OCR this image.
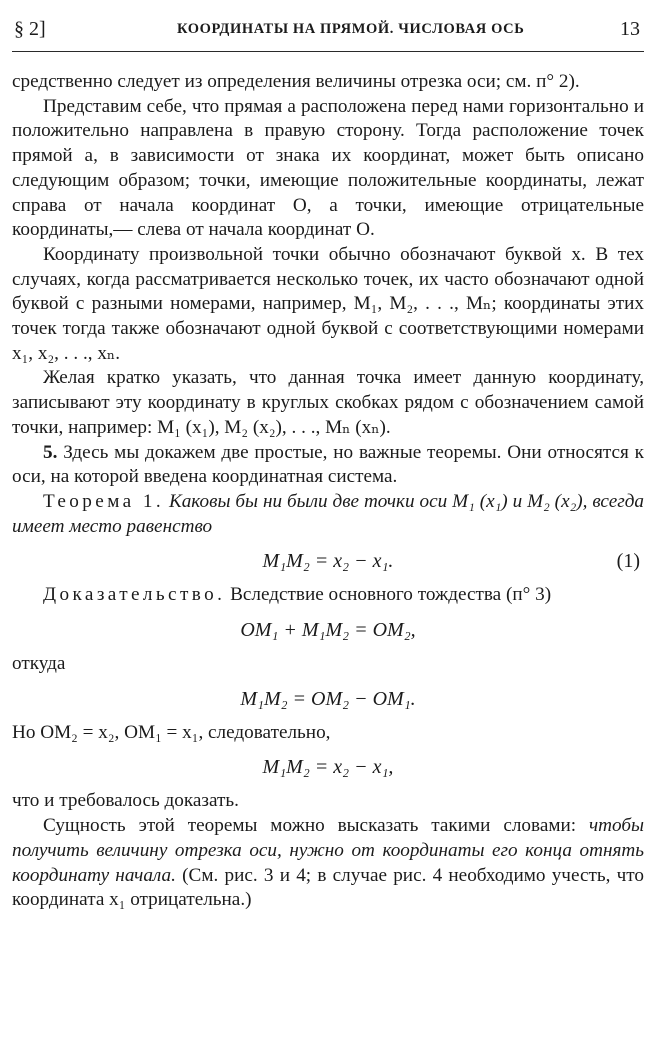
§ 2]	КООРДИНАТЫ НА ПРЯМОЙ. ЧИСЛОВАЯ ОСЬ	13

средственно следует из определения величины отрезка оси; см. п° 2).

Представим себе, что прямая a расположена перед нами горизонтально и положительно направлена в правую сторону. Тогда расположение точек прямой a, в зависимости от знака их координат, может быть описано следующим образом; точки, имеющие положительные координаты, лежат справа от начала координат O, а точки, имеющие отрицательные координаты,— слева от начала координат O.

Координату произвольной точки обычно обозначают буквой x. В тех случаях, когда рассматривается несколько точек, их часто обозначают одной буквой с разными номерами, например, M₁, M₂, . . ., Mₙ; координаты этих точек тогда также обозначают одной буквой с соответствующими номерами x₁, x₂, . . ., xₙ.

Желая кратко указать, что данная точка имеет данную координату, записывают эту координату в круглых скобках рядом с обозначением самой точки, например: M₁ (x₁), M₂ (x₂), . . ., Mₙ (xₙ).

5. Здесь мы докажем две простые, но важные теоремы. Они относятся к оси, на которой введена координатная система.

Теорема 1. Каковы бы ни были две точки оси M₁ (x₁) и M₂ (x₂), всегда имеет место равенство

M₁M₂ = x₂ − x₁.	(1)

Доказательство. Вследствие основного тождества (п° 3)

OM₁ + M₁M₂ = OM₂,

откуда

M₁M₂ = OM₂ − OM₁.

Но OM₂ = x₂, OM₁ = x₁, следовательно,

M₁M₂ = x₂ − x₁,

что и требовалось доказать.

Сущность этой теоремы можно высказать такими словами: чтобы получить величину отрезка оси, нужно от координаты его конца отнять координату начала. (См. рис. 3 и 4; в случае рис. 4 необходимо учесть, что координата x₁ отрицательна.)
